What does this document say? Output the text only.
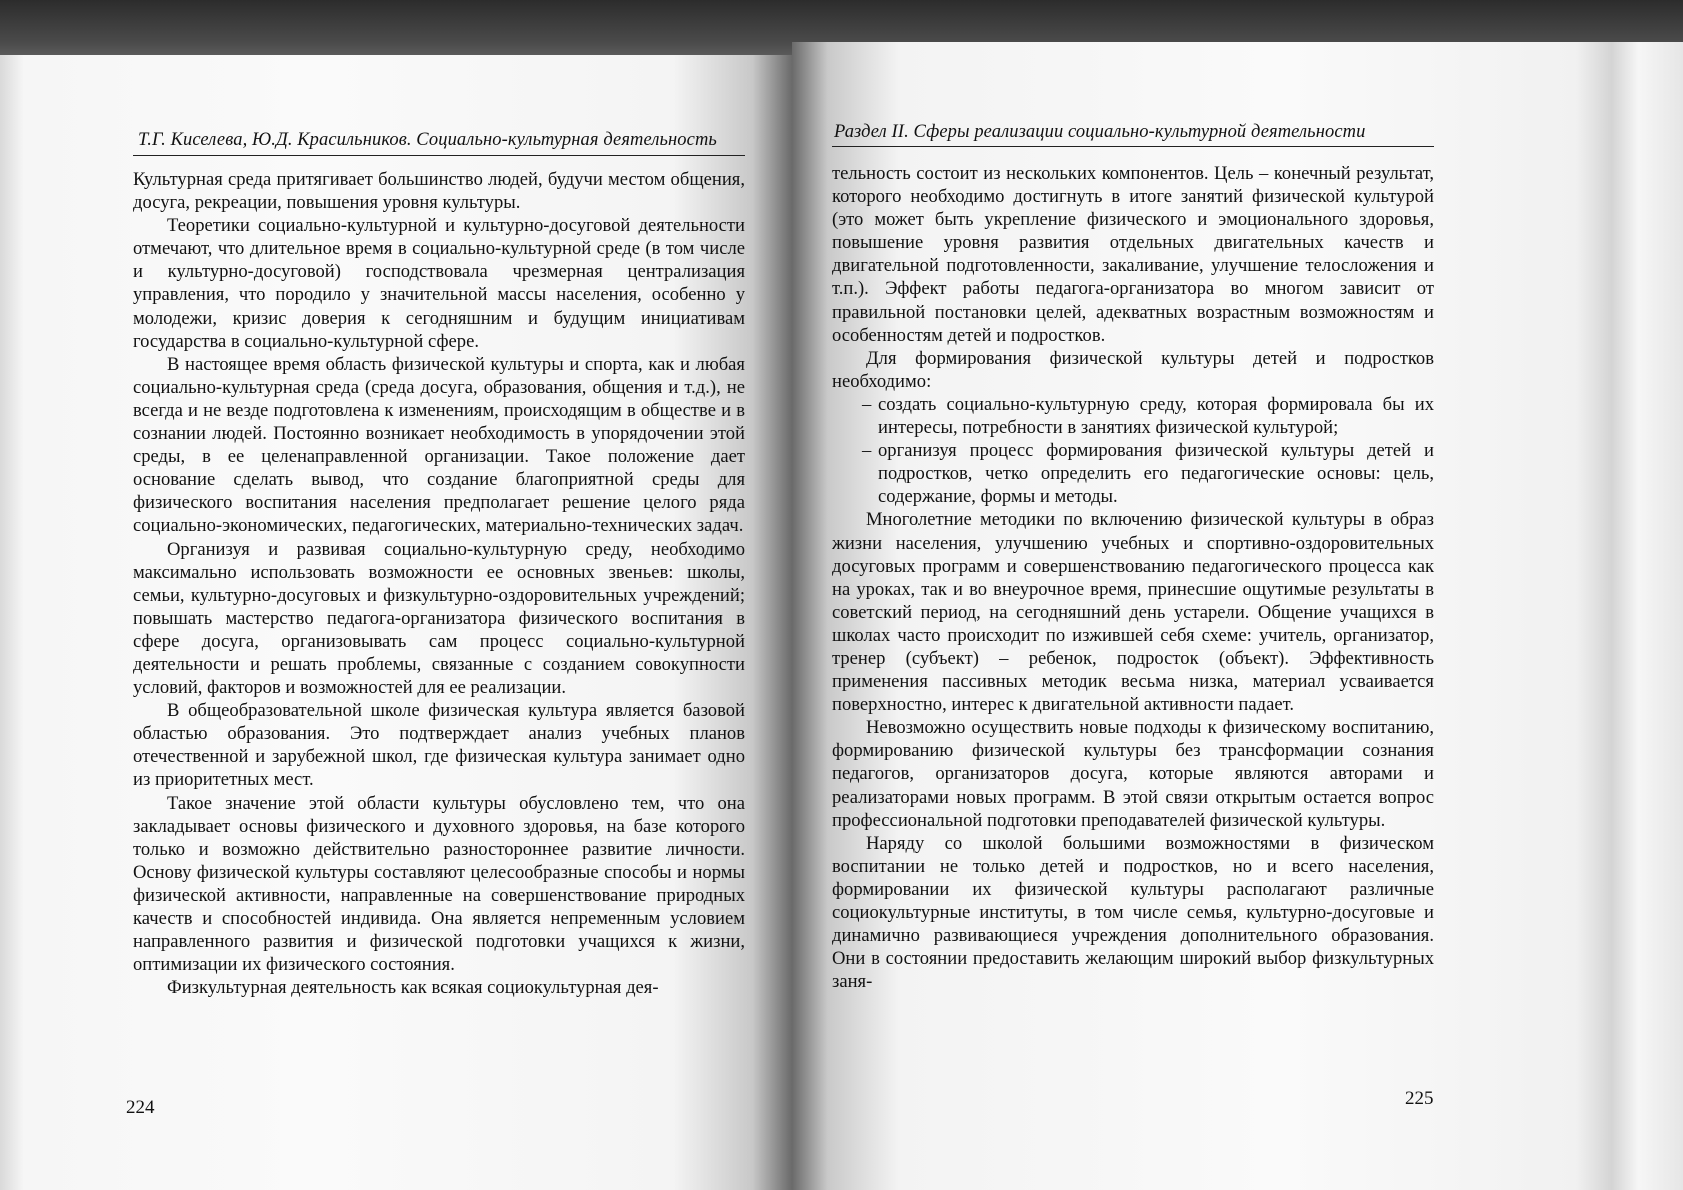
Т.Г. Киселева, Ю.Д. Красильников. Социально-культурная деятельность

Культурная среда притягивает большинство людей, будучи местом общения, досуга, рекреации, повышения уровня культуры.

Теоретики социально-культурной и культурно-досуговой деятельности отмечают, что длительное время в социально-культурной среде (в том числе и культурно-досуговой) господствовала чрезмерная централизация управления, что породило у значительной массы населения, особенно у молодежи, кризис доверия к сегодняшним и будущим инициативам государства в социально-культурной сфере.

В настоящее время область физической культуры и спорта, как и любая социально-культурная среда (среда досуга, образования, общения и т.д.), не всегда и не везде подготовлена к изменениям, происходящим в обществе и в сознании людей. Постоянно возникает необходимость в упорядочении этой среды, в ее целенаправленной организации. Такое положение дает основание сделать вывод, что создание благоприятной среды для физического воспитания населения предполагает решение целого ряда социально-экономических, педагогических, материально-технических задач.

Организуя и развивая социально-культурную среду, необходимо максимально использовать возможности ее основных звеньев: школы, семьи, культурно-досуговых и физкультурно-оздоровительных учреждений; повышать мастерство педагога-организатора физического воспитания в сфере досуга, организовывать сам процесс социально-культурной деятельности и решать проблемы, связанные с созданием совокупности условий, факторов и возможностей для ее реализации.

В общеобразовательной школе физическая культура является базовой областью образования. Это подтверждает анализ учебных планов отечественной и зарубежной школ, где физическая культура занимает одно из приоритетных мест.

Такое значение этой области культуры обусловлено тем, что она закладывает основы физического и духовного здоровья, на базе которого только и возможно действительно разностороннее развитие личности. Основу физической культуры составляют целесообразные способы и нормы физической активности, направленные на совершенствование природных качеств и способностей индивида. Она является непременным условием направленного развития и физической подготовки учащихся к жизни, оптимизации их физического состояния.

Физкультурная деятельность как всякая социокультурная дея-

224
Раздел II. Сферы реализации социально-культурной деятельности

тельность состоит из нескольких компонентов. Цель – конечный результат, которого необходимо достигнуть в итоге занятий физической культурой (это может быть укрепление физического и эмоционального здоровья, повышение уровня развития отдельных двигательных качеств и двигательной подготовленности, закаливание, улучшение телосложения и т.п.). Эффект работы педагога-организатора во многом зависит от правильной постановки целей, адекватных возрастным возможностям и особенностям детей и подростков.

Для формирования физической культуры детей и подростков необходимо:

– создать социально-культурную среду, которая формировала бы их интересы, потребности в занятиях физической культурой;
– организуя процесс формирования физической культуры детей и подростков, четко определить его педагогические основы: цель, содержание, формы и методы.

Многолетние методики по включению физической культуры в образ жизни населения, улучшению учебных и спортивно-оздоровительных досуговых программ и совершенствованию педагогического процесса как на уроках, так и во внеурочное время, принесшие ощутимые результаты в советский период, на сегодняшний день устарели. Общение учащихся в школах часто происходит по изжившей себя схеме: учитель, организатор, тренер (субъект) – ребенок, подросток (объект). Эффективность применения пассивных методик весьма низка, материал усваивается поверхностно, интерес к двигательной активности падает.

Невозможно осуществить новые подходы к физическому воспитанию, формированию физической культуры без трансформации сознания педагогов, организаторов досуга, которые являются авторами и реализаторами новых программ. В этой связи открытым остается вопрос профессиональной подготовки преподавателей физической культуры.

Наряду со школой большими возможностями в физическом воспитании не только детей и подростков, но и всего населения, формировании их физической культуры располагают различные социокультурные институты, в том числе семья, культурно-досуговые и динамично развивающиеся учреждения дополнительного образования. Они в состоянии предоставить желающим широкий выбор физкультурных заня-

225
